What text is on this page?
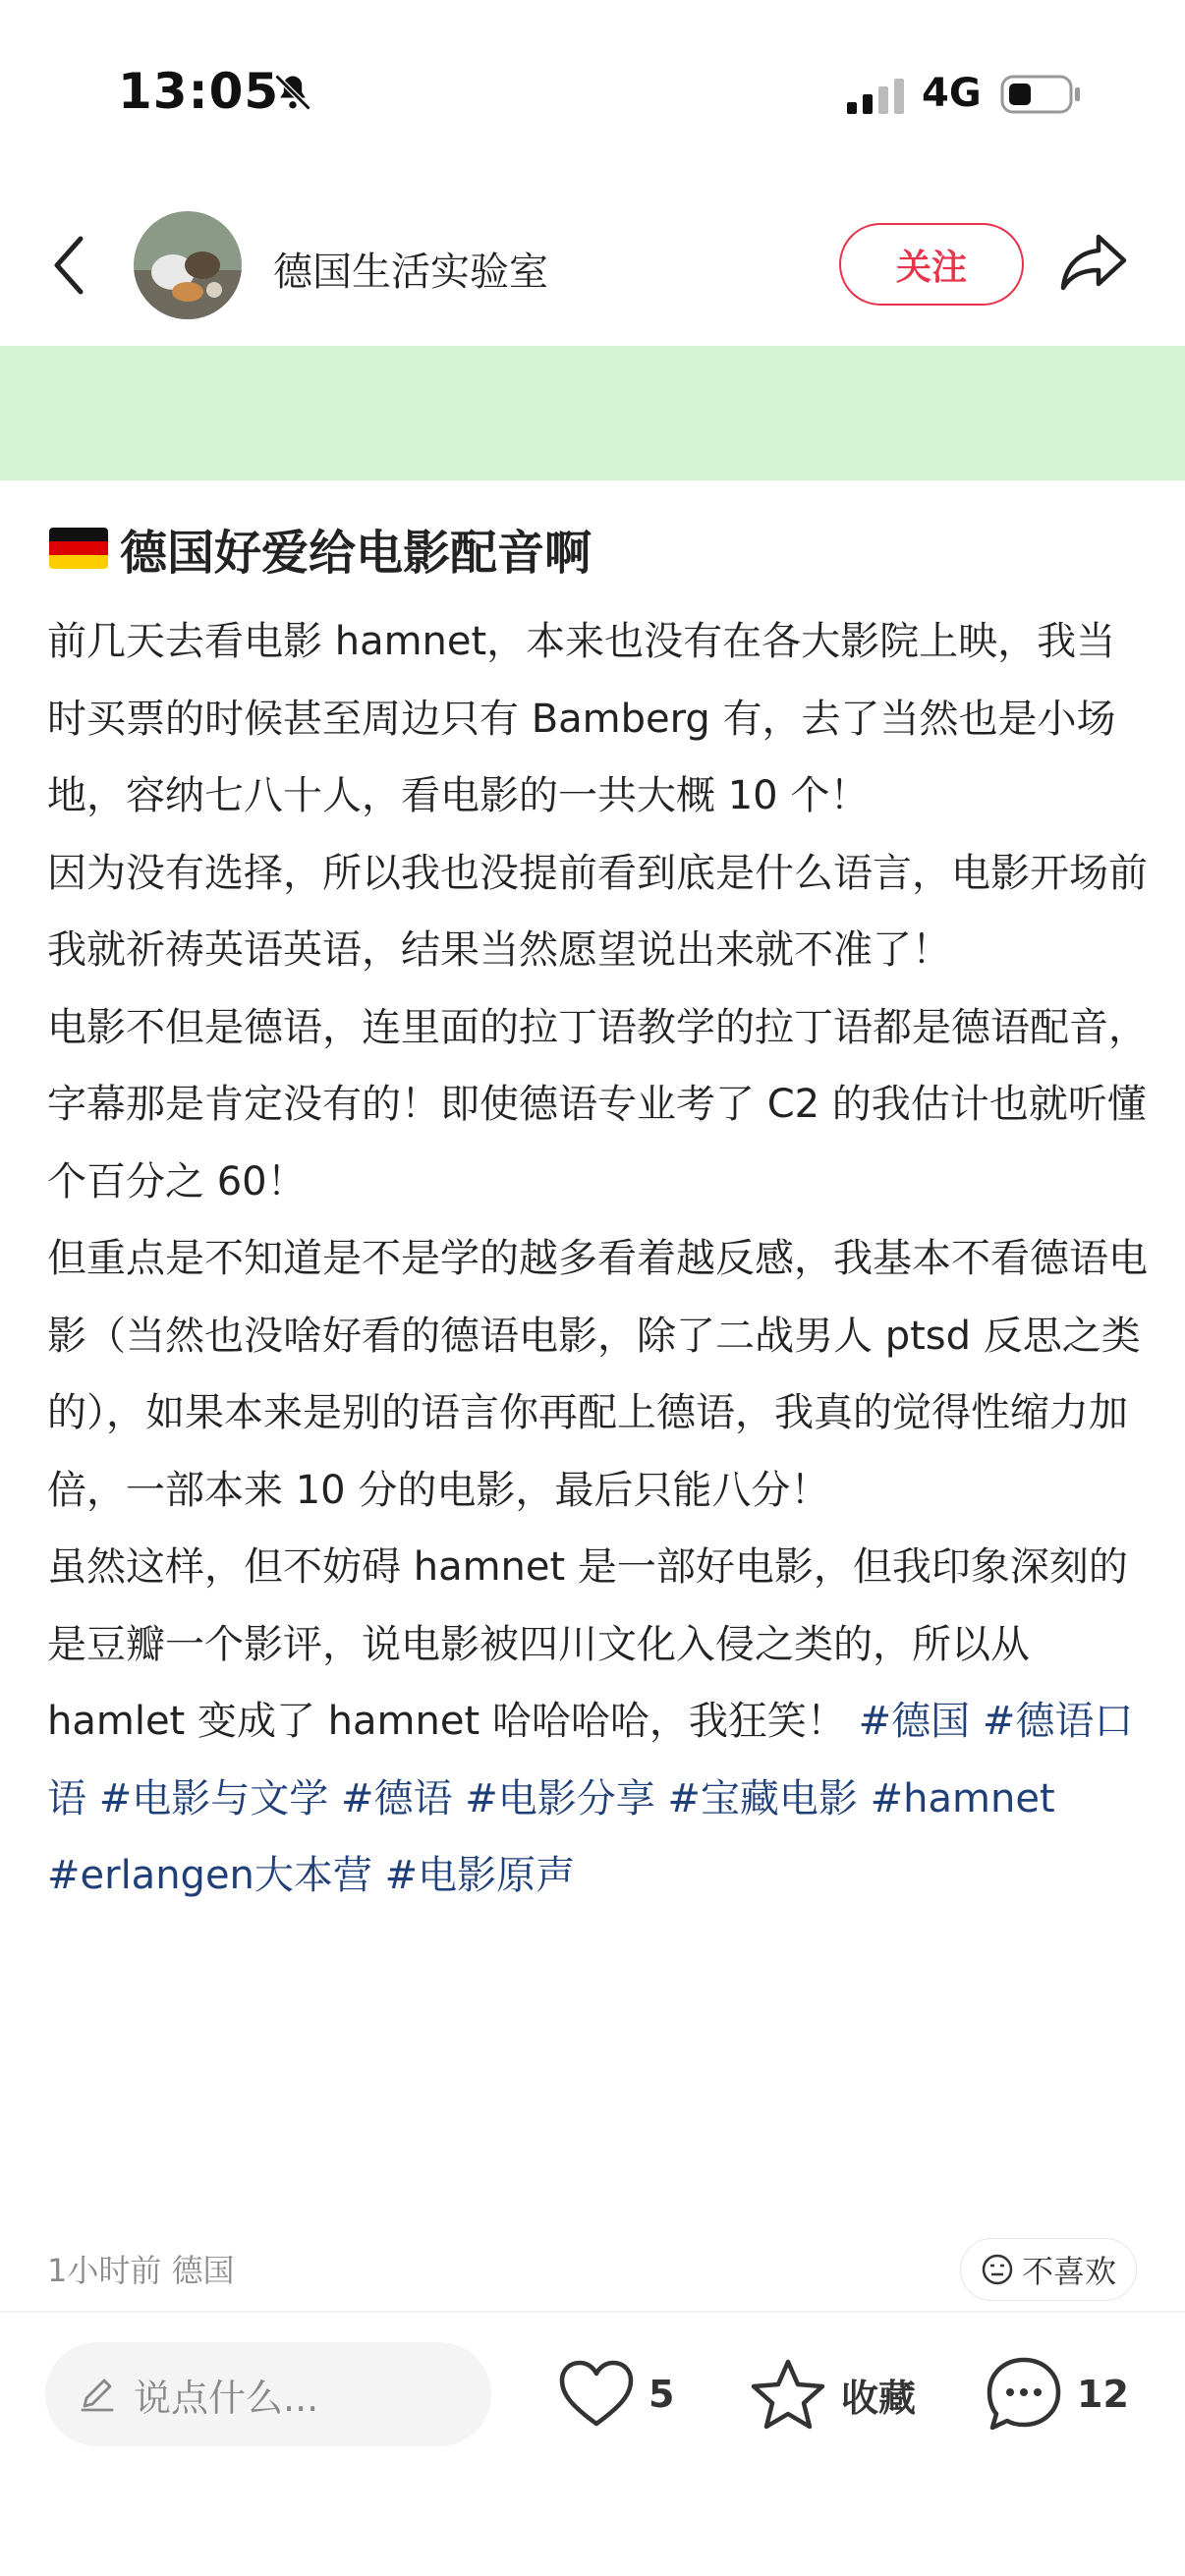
13:05	4G
德国生活实验室	关注
德国好爱给电影配音啊

前几天去看电影 hamnet，本来也没有在各大影院上映，我当时买票的时候甚至周边只有 Bamberg 有，去了当然也是小场地，容纳七八十人，看电影的一共大概 10 个！

因为没有选择，所以我也没提前看到底是什么语言，电影开场前我就祈祷英语英语，结果当然愿望说出来就不准了！

电影不但是德语，连里面的拉丁语教学的拉丁语都是德语配音，字幕那是肯定没有的！即使德语专业考了 C2 的我估计也就听懂个百分之 60！

但重点是不知道是不是学的越多看着越反感，我基本不看德语电影（当然也没啥好看的德语电影，除了二战男人 ptsd 反思之类的），如果本来是别的语言你再配上德语，我真的觉得性缩力加倍，一部本来 10 分的电影，最后只能八分！

虽然这样，但不妨碍 hamnet 是一部好电影，但我印象深刻的是豆瓣一个影评，说电影被四川文化入侵之类的，所以从 hamlet 变成了 hamnet 哈哈哈哈，我狂笑！ #德国 #德语口语 #电影与文学 #德语 #电影分享 #宝藏电影 #hamnet #erlangen大本营 #电影原声

1小时前 德国	不喜欢
说点什么...	5	收藏	12
